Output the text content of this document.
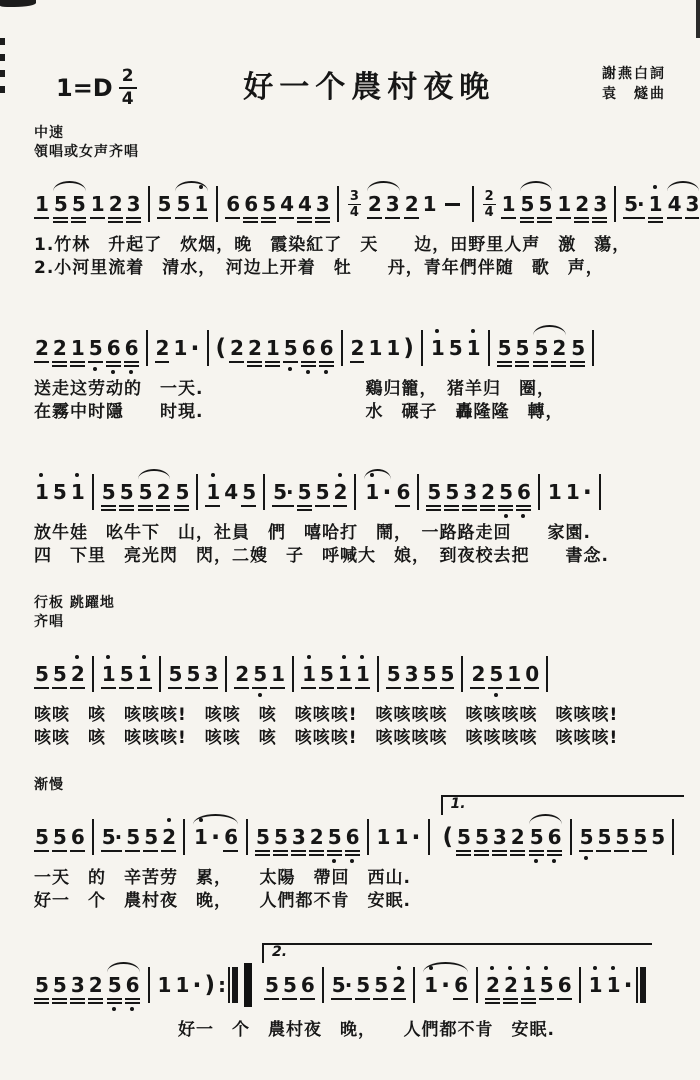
$1=D \frac{2}{4}$	好一个農村夜晚	謝燕白詞
袁　燧曲
中速
領唱或女声齐唱
1 5 5 1 2 3 5 5 1 6 6 5 4 4 $3 \frac{3}{4} 2$ 3 2 1	$\frac{2}{4} 1$ 5 5 1 2 3 5· 1 4 3
1.竹林　升起了　炊烟，晚　霞染紅了　天　　边，田野里人声　激　蕩，
2.小河里流着　清水，　河边上开着　牡　　丹，青年們伴随　歌　声，
2 2 1 5 6 6 2 1 · ( 2 2 1 5 6 6 2 1 1 ) 1 5 1 5 5 5 2 5
送走这劳动的　一天.　　　　　　　　　鷄归籠，　猪羊归　圈，
在霧中时隱　　时現.　　　　　　　　　水　碾子　轟隆隆　轉，
1 5 1 5 5 5 2 5 1 4 5 5· 5 5 2 1 · 6 5 5 3 2 5 6 1 1 ·
放牛娃　吆牛下　山，社員　們　嘻哈打　鬧，　一路路走回　　家園.
四　下里　亮光閃　閃，二嫂　子　呼喊大　娘，　到夜校去把　　書念.
行板 跳躍地
齐唱
5 5 2 1 5 1 5 5 3 2 5 1 1 5 1 1 5 3 5 5 2 5 1 0
咳咳　咳　咳咳咳!　咳咳　咳　咳咳咳!　咳咳咳咳　咳咳咳咳　咳咳咳!
咳咳　咳　咳咳咳!　咳咳　咳　咳咳咳!　咳咳咳咳　咳咳咳咳　咳咳咳!
渐慢
5 5 6 5· 5 5 2 1 · 6 5 5 3 2 5 6 1 1 · ( 5 5 3 2 5 6 5 5 5 5 5
1.
一天　的　辛苦劳　累，　　太陽　帶回　西山.
好一　个　農村夜　晚，　　人們都不肯　安眠.
5 5 3 2 5 6 1 1 · ) : 5 5 6 5· 5 5 2 1 · 6 2 2 1 5 6 1 1 ·
2.
　　　　　　　　好一　个　農村夜　晚，　　人們都不肯　安眠.
